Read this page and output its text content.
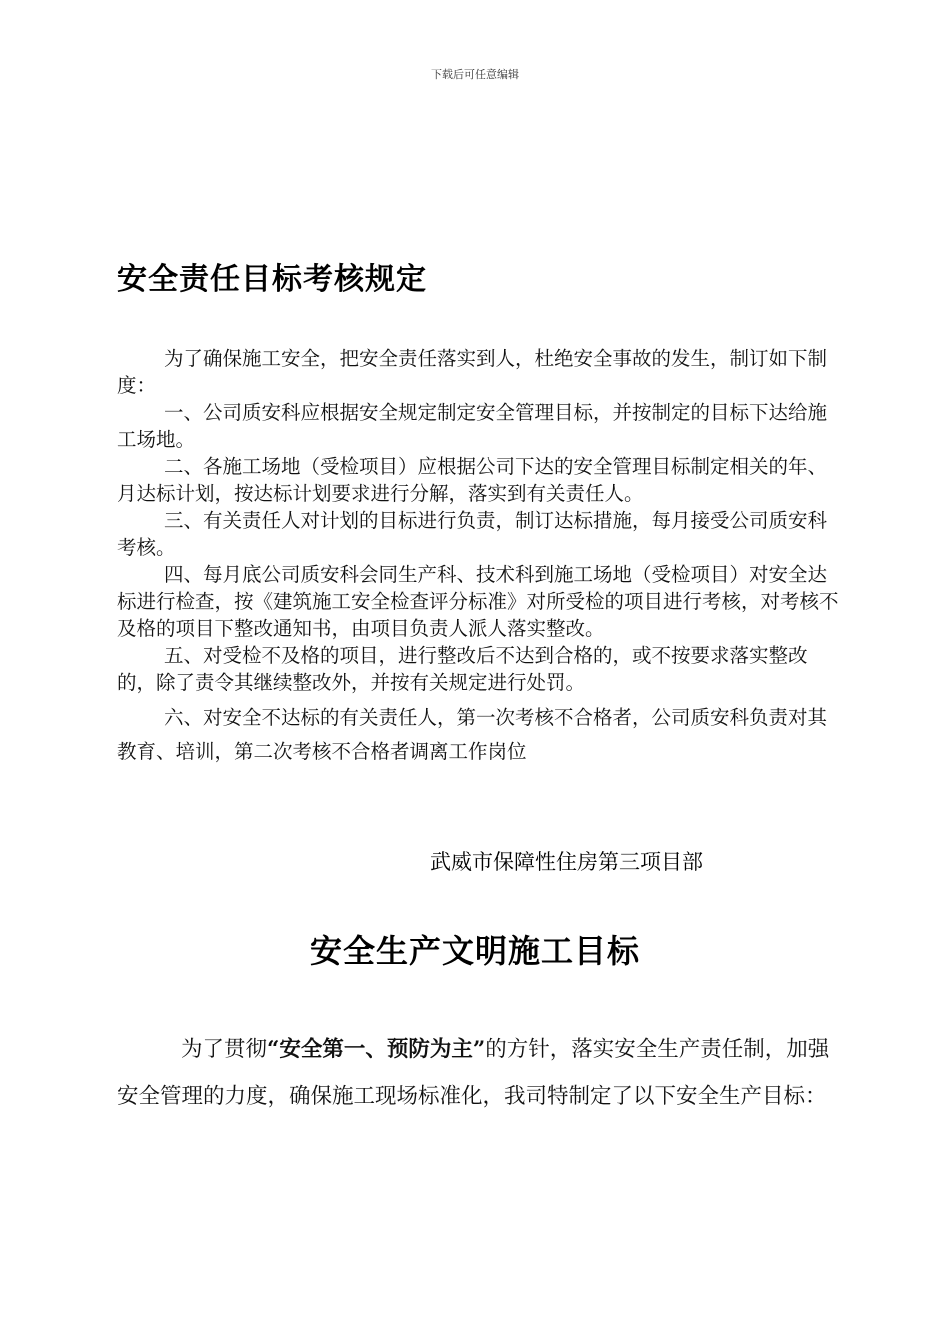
下载后可任意编辑
安全责任目标考核规定

为了确保施工安全，把安全责任落实到人，杜绝安全事故的发生，制订如下制度：

一、公司质安科应根据安全规定制定安全管理目标，并按制定的目标下达给施工场地。

二、各施工场地（受检项目）应根据公司下达的安全管理目标制定相关的年、月达标计划，按达标计划要求进行分解，落实到有关责任人。

三、有关责任人对计划的目标进行负责，制订达标措施，每月接受公司质安科考核。

四、每月底公司质安科会同生产科、技术科到施工场地（受检项目）对安全达标进行检查，按《建筑施工安全检查评分标准》对所受检的项目进行考核，对考核不及格的项目下整改通知书，由项目负责人派人落实整改。

五、对受检不及格的项目，进行整改后不达到合格的，或不按要求落实整改的，除了责令其继续整改外，并按有关规定进行处罚。

六、对安全不达标的有关责任人，第一次考核不合格者，公司质安科负责对其教育、培训，第二次考核不合格者调离工作岗位

武威市保障性住房第三项目部
安全生产文明施工目标

为了贯彻“安全第一、预防为主”的方针，落实安全生产责任制，加强安全管理的力度，确保施工现场标准化，我司特制定了以下安全生产目标：
